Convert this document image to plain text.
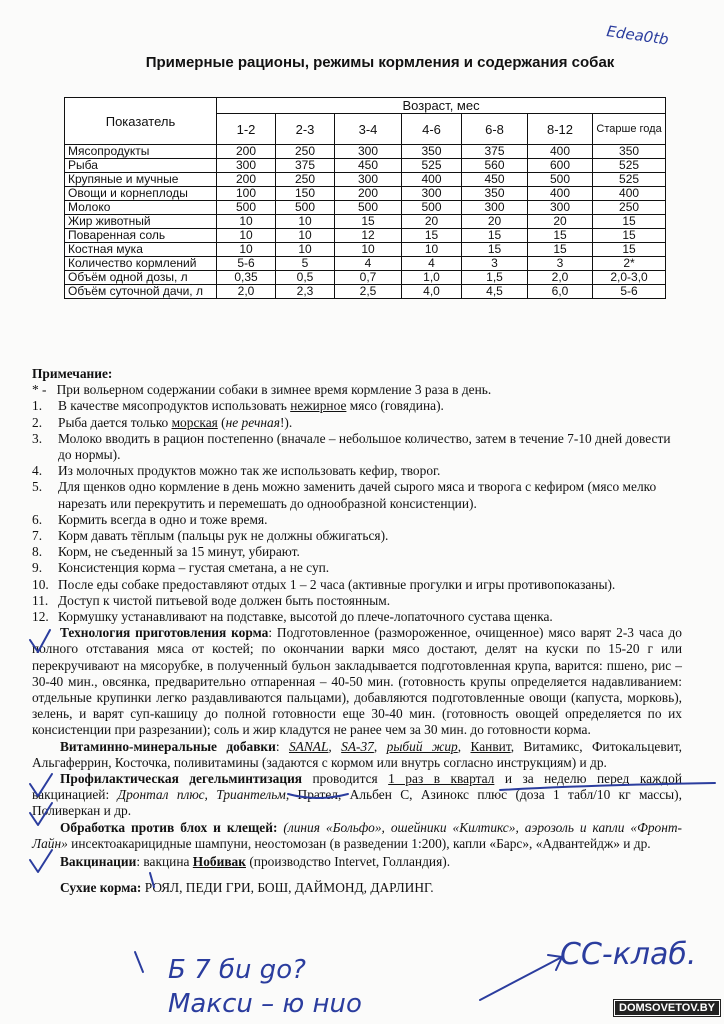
Примерные рационы, режимы кормления и содержания собак
Показатель	Возраст, мес						
	1-2	2-3	3-4	4-6	6-8	8-12	Старше года
Мясопродукты	200	250	300	350	375	400	350
Рыба	300	375	450	525	560	600	525
Крупяные и мучные	200	250	300	400	450	500	525
Овощи и корнеплоды	100	150	200	300	350	400	400
Молоко	500	500	500	500	300	300	250
Жир животный	10	10	15	20	20	20	15
Поваренная соль	10	10	12	15	15	15	15
Костная мука	10	10	10	10	15	15	15
Количество кормлений	5-6	5	4	4	3	3	2*
Объём одной дозы, л	0,35	0,5	0,7	1,0	1,5	2,0	2,0-3,0
Объём суточной дачи, л	2,0	2,3	2,5	4,0	4,5	6,0	5-6

Примечание:

* - При вольерном содержании собаки в зимнее время кормление 3 раза в день.

1. В качестве мясопродуктов использовать нежирное мясо (говядина).
2. Рыба дается только морская (не речная!).
3. Молоко вводить в рацион постепенно (вначале – небольшое количество, затем в течение 7-10 дней довести до нормы).
4. Из молочных продуктов можно так же использовать кефир, творог.
5. Для щенков одно кормление в день можно заменить дачей сырого мяса и творога с кефиром (мясо мелко нарезать или перекрутить и перемешать до однообразной консистенции).
6. Кормить всегда в одно и тоже время.
7. Корм давать тёплым (пальцы рук не должны обжигаться).
8. Корм, не съеденный за 15 минут, убирают.
9. Консистенция корма – густая сметана, а не суп.
10. После еды собаке предоставляют отдых 1 – 2 часа (активные прогулки и игры противопоказаны).
11. Доступ к чистой питьевой воде должен быть постоянным.
12. Кормушку устанавливают на подставке, высотой до плече-лопаточного сустава щенка.

Технология приготовления корма: Подготовленное (размороженное, очищенное) мясо варят 2-3 часа до полного отставания мяса от костей; по окончании варки мясо достают, делят на куски по 15-20 г или перекручивают на мясорубке, в полученный бульон закладывается подготовленная крупа, варится: пшено, рис – 30-40 мин., овсянка, предварительно отпаренная – 40-50 мин. (готовность крупы определяется надавливанием: отдельные крупинки легко раздавливаются пальцами), добавляются подготовленные овощи (капуста, морковь), зелень, и варят суп-кашицу до полной готовности еще 30-40 мин. (готовность овощей определяется по их консистенции при разрезании); соль и жир кладутся не ранее чем за 30 мин. до готовности корма.

Витаминно-минеральные добавки: SANAL, SA-37, рыбий жир, Канвит, Витамикс, Фитокальцевит, Альгаферрин, Косточка, поливитамины (задаются с кормом или внутрь согласно инструкциям) и др.

Профилактическая дегельминтизация проводится 1 раз в квартал и за неделю перед каждой вакцинацией: Дронтал плюс, Триантельм, Прател, Альбен С, Азинокс плюс (доза 1 табл/10 кг массы), Поливеркан и др.

Обработка против блох и клещей: (линия «Больфо», ошейники «Килтикс», аэрозоль и капли «Фронт-Лайн» инсектоакарицидные шампуни, неостомозан (в разведении 1:200), капли «Барс», «Адвантейдж» и др.

Вакцинации: вакцина Нобивак (производство Intervet, Голландия).

Сухие корма: РОЯЛ, ПЕДИ ГРИ, БОШ, ДАЙМОНД, ДАРЛИНГ.

Edea0tb
СС-клаб.
Б 7 бu gо?
Maксu – ю нuо	DOMSOVETOV.BY
